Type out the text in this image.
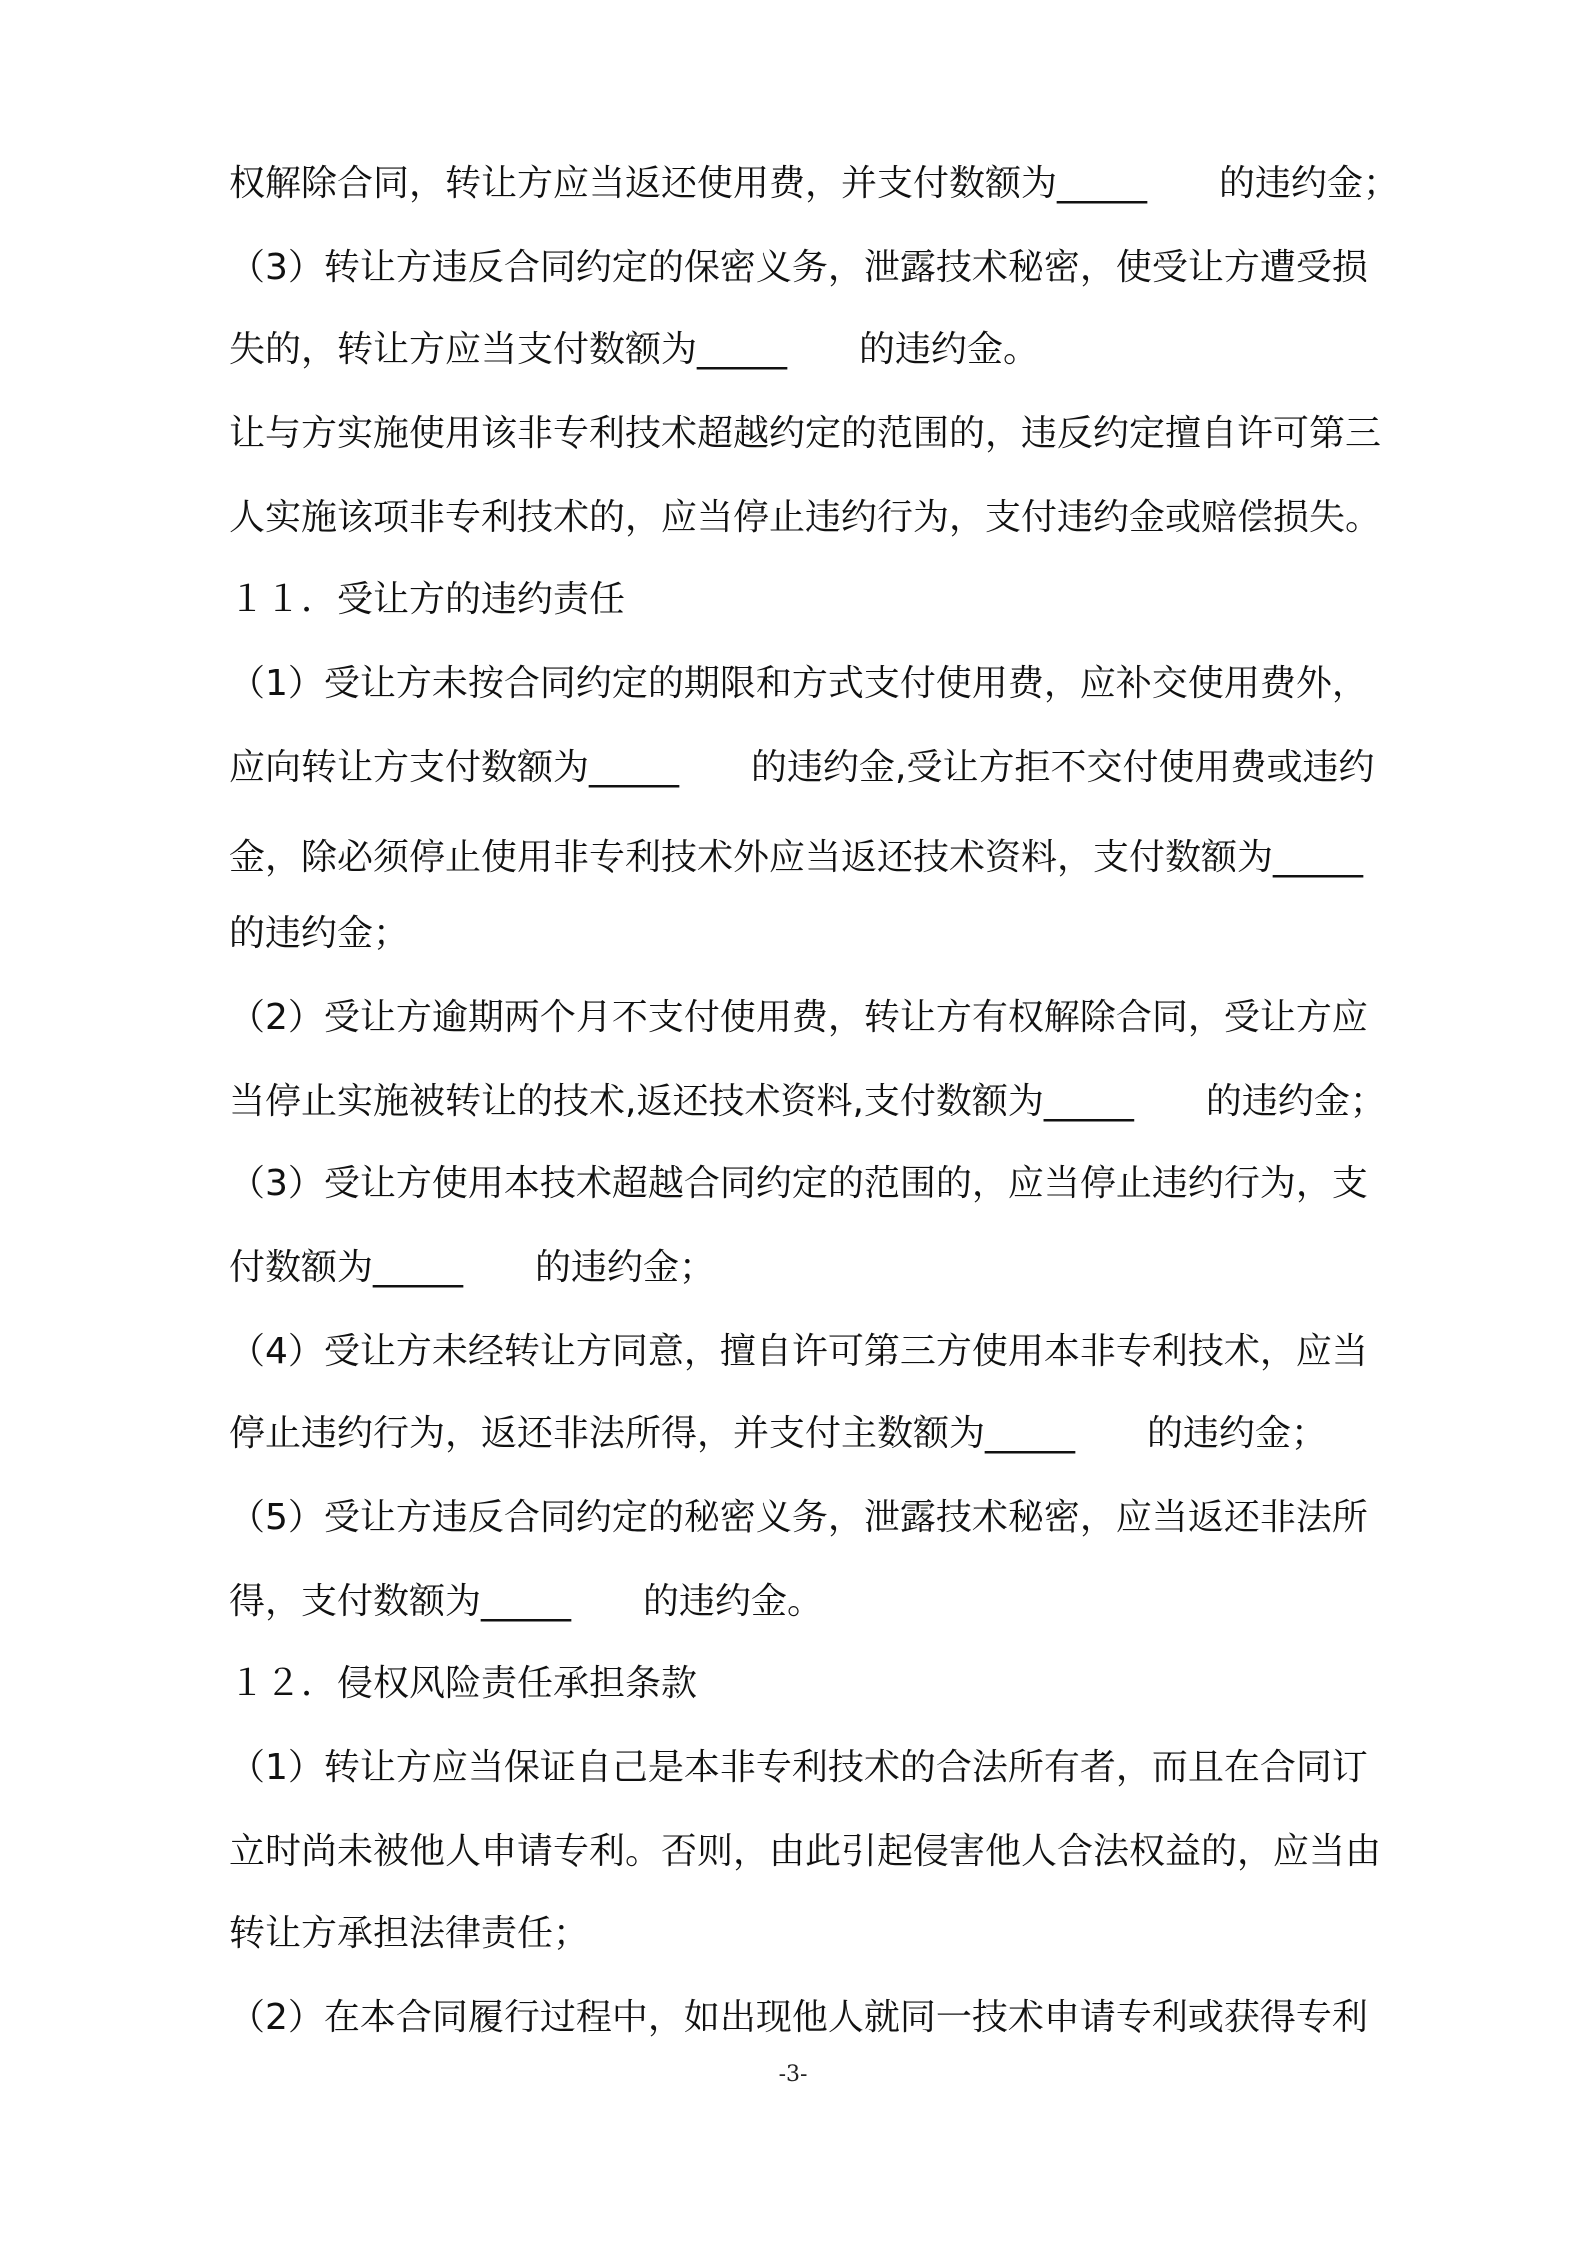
权解除合同，转让方应当返还使用费，并支付数额为_____　　的违约金；
（3）转让方违反合同约定的保密义务，泄露技术秘密，使受让方遭受损
失的，转让方应当支付数额为_____　　的违约金。
让与方实施使用该非专利技术超越约定的范围的，违反约定擅自许可第三
人实施该项非专利技术的，应当停止违约行为，支付违约金或赔偿损失。
１１．受让方的违约责任
（1）受让方未按合同约定的期限和方式支付使用费，应补交使用费外，
应向转让方支付数额为_____　　的违约金,受让方拒不交付使用费或违约
金，除必须停止使用非专利技术外应当返还技术资料，支付数额为_____
的违约金；
（2）受让方逾期两个月不支付使用费，转让方有权解除合同，受让方应
当停止实施被转让的技术,返还技术资料,支付数额为_____　　的违约金；
（3）受让方使用本技术超越合同约定的范围的，应当停止违约行为，支
付数额为_____　　的违约金；
（4）受让方未经转让方同意，擅自许可第三方使用本非专利技术，应当
停止违约行为，返还非法所得，并支付主数额为_____　　的违约金；
（5）受让方违反合同约定的秘密义务，泄露技术秘密，应当返还非法所
得，支付数额为_____　　的违约金。
１２．侵权风险责任承担条款
（1）转让方应当保证自己是本非专利技术的合法所有者，而且在合同订
立时尚未被他人申请专利。否则，由此引起侵害他人合法权益的，应当由
转让方承担法律责任；
（2）在本合同履行过程中，如出现他人就同一技术申请专利或获得专利
-3-
